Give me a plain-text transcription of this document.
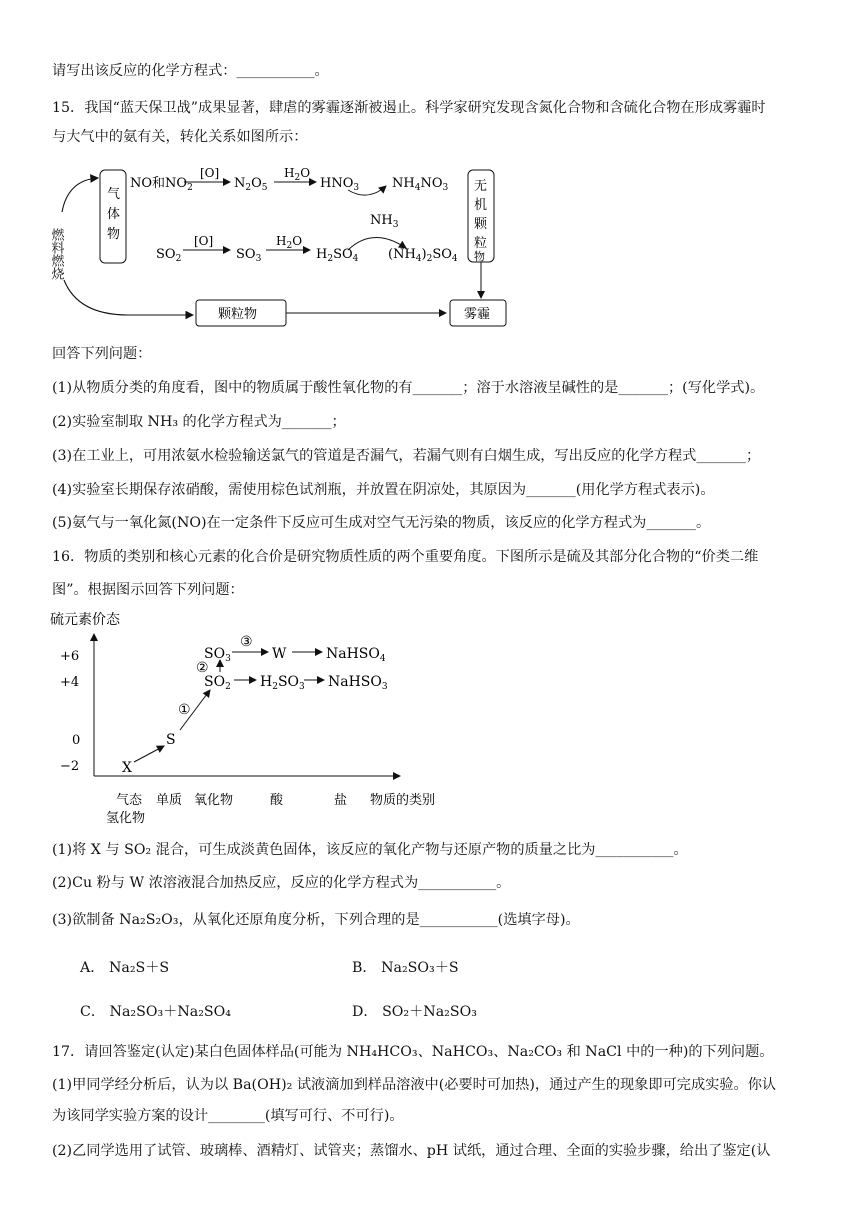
请写出该反应的化学方程式：___________。
15．我国“蓝天保卫战”成果显著，肆虐的雾霾逐渐被遏止。科学家研究发现含氮化合物和含硫化合物在形成雾霾时
与大气中的氨有关，转化关系如图所示：
燃料燃烧
气
体
物
NO和$NO_2$
[O]
$N_2O_5$
$H_2O$
$HNO_3$	$NH_4NO_3$
$NH_3$
$SO_2$
[O]
$SO_3$
$H_2O$
$H_2SO_4$ $(NH_4)_2SO_4$
无
机
颗
粒
物
颗粒物	雾霾
回答下列问题：
(1)从物质分类的角度看，图中的物质属于酸性氧化物的有_______；溶于水溶液呈碱性的是_______；(写化学式)。
(2)实验室制取 NH₃ 的化学方程式为_______；
(3)在工业上，可用浓氨水检验输送氯气的管道是否漏气，若漏气则有白烟生成，写出反应的化学方程式_______；
(4)实验室长期保存浓硝酸，需使用棕色试剂瓶，并放置在阴凉处，其原因为_______(用化学方程式表示)。
(5)氨气与一氧化氮(NO)在一定条件下反应可生成对空气无污染的物质，该反应的化学方程式为_______。
16．物质的类别和核心元素的化合价是研究物质性质的两个重要角度。下图所示是硫及其部分化合物的“价类二维
图”。根据图示回答下列问题：
硫元素价态
+6
+4
0
−2
气态
氢化物
单质 氧化物	酸	盐 物质的类别
X
S
①
$SO_2$
②
$SO_3$
③
W	NaHSO$_4$
$H_2SO_3$ NaHSO$_3$
(1)将 X 与 SO₂ 混合，可生成淡黄色固体，该反应的氧化产物与还原产物的质量之比为___________。
(2)Cu 粉与 W 浓溶液混合加热反应，反应的化学方程式为___________。
(3)欲制备 Na₂S₂O₃，从氧化还原角度分析，下列合理的是___________(选填字母)。
A． Na₂S＋S	B． Na₂SO₃＋S
C． Na₂SO₃＋Na₂SO₄	D． SO₂＋Na₂SO₃
17．请回答鉴定(认定)某白色固体样品(可能为 NH₄HCO₃、NaHCO₃、Na₂CO₃ 和 NaCl 中的一种)的下列问题。
(1)甲同学经分析后，认为以 Ba(OH)₂ 试液滴加到样品溶液中(必要时可加热)，通过产生的现象即可完成实验。你认
为该同学实验方案的设计________(填写可行、不可行)。
(2)乙同学选用了试管、玻璃棒、酒精灯、试管夹；蒸馏水、pH 试纸，通过合理、全面的实验步骤，给出了鉴定(认
